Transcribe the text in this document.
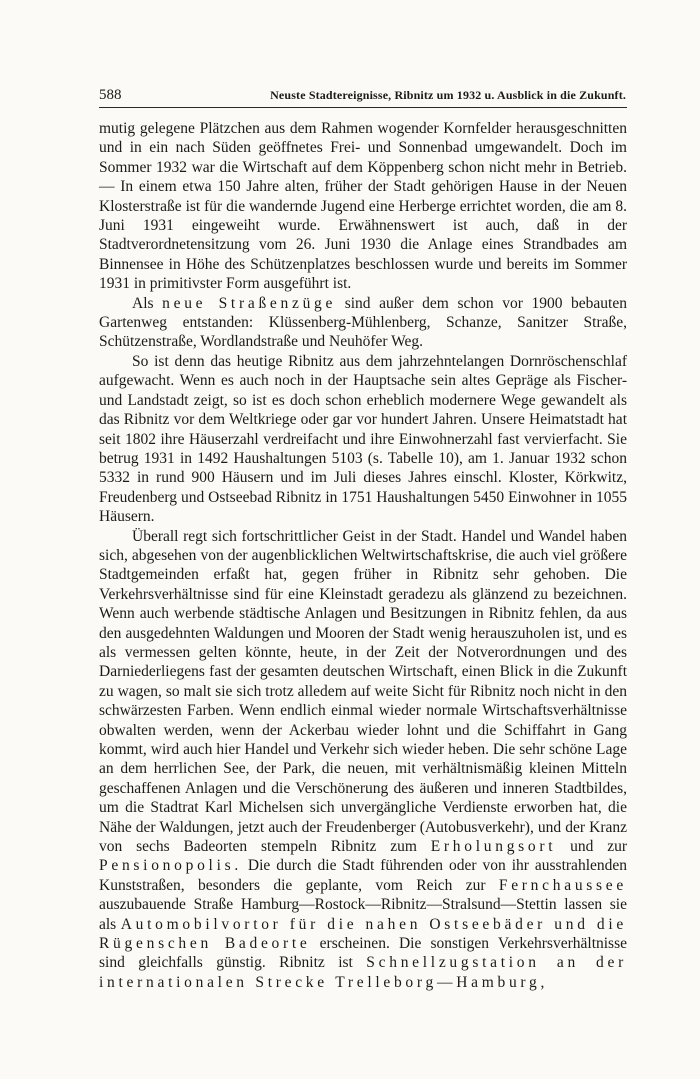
588	Neuste Stadtereignisse, Ribnitz um 1932 u. Ausblick in die Zukunft.

mutig gelegene Plätzchen aus dem Rahmen wogender Kornfelder herausgeschnitten und in ein nach Süden geöffnetes Frei- und Sonnenbad umgewandelt. Doch im Sommer 1932 war die Wirtschaft auf dem Köppenberg schon nicht mehr in Betrieb. — In einem etwa 150 Jahre alten, früher der Stadt gehörigen Hause in der Neuen Klosterstraße ist für die wandernde Jugend eine Herberge errichtet worden, die am 8. Juni 1931 eingeweiht wurde. Erwähnenswert ist auch, daß in der Stadtverordnetensitzung vom 26. Juni 1930 die Anlage eines Strandbades am Binnensee in Höhe des Schützenplatzes beschlossen wurde und bereits im Sommer 1931 in primitivster Form ausgeführt ist.

Als neue Straßenzüge sind außer dem schon vor 1900 bebauten Gartenweg entstanden: Klüssenberg-Mühlenberg, Schanze, Sanitzer Straße, Schützenstraße, Wordlandstraße und Neuhöfer Weg.

So ist denn das heutige Ribnitz aus dem jahrzehntelangen Dornröschenschlaf aufgewacht. Wenn es auch noch in der Hauptsache sein altes Gepräge als Fischer- und Landstadt zeigt, so ist es doch schon erheblich modernere Wege gewandelt als das Ribnitz vor dem Weltkriege oder gar vor hundert Jahren. Unsere Heimatstadt hat seit 1802 ihre Häuserzahl verdreifacht und ihre Einwohnerzahl fast vervierfacht. Sie betrug 1931 in 1492 Haushaltungen 5103 (s. Tabelle 10), am 1. Januar 1932 schon 5332 in rund 900 Häusern und im Juli dieses Jahres einschl. Kloster, Körkwitz, Freudenberg und Ostseebad Ribnitz in 1751 Haushaltungen 5450 Einwohner in 1055 Häusern.

Überall regt sich fortschrittlicher Geist in der Stadt. Handel und Wandel haben sich, abgesehen von der augenblicklichen Weltwirtschaftskrise, die auch viel größere Stadtgemeinden erfaßt hat, gegen früher in Ribnitz sehr gehoben. Die Verkehrsverhältnisse sind für eine Kleinstadt geradezu als glänzend zu bezeichnen. Wenn auch werbende städtische Anlagen und Besitzungen in Ribnitz fehlen, da aus den ausgedehnten Waldungen und Mooren der Stadt wenig herauszuholen ist, und es als vermessen gelten könnte, heute, in der Zeit der Notverordnungen und des Darniederliegens fast der gesamten deutschen Wirtschaft, einen Blick in die Zukunft zu wagen, so malt sie sich trotz alledem auf weite Sicht für Ribnitz noch nicht in den schwärzesten Farben. Wenn endlich einmal wieder normale Wirtschaftsverhältnisse obwalten werden, wenn der Ackerbau wieder lohnt und die Schiffahrt in Gang kommt, wird auch hier Handel und Verkehr sich wieder heben. Die sehr schöne Lage an dem herrlichen See, der Park, die neuen, mit verhältnismäßig kleinen Mitteln geschaffenen Anlagen und die Verschönerung des äußeren und inneren Stadtbildes, um die Stadtrat Karl Michelsen sich unvergängliche Verdienste erworben hat, die Nähe der Waldungen, jetzt auch der Freudenberger (Autobusverkehr), und der Kranz von sechs Badeorten stempeln Ribnitz zum Erholungsort und zur Pensionopolis. Die durch die Stadt führenden oder von ihr ausstrahlenden Kunststraßen, besonders die geplante, vom Reich zur Fernchaussee auszubauende Straße Hamburg—Rostock—Ribnitz—Stralsund—Stettin lassen sie als Automobilvortor für die nahen Ostseebäder und die Rügenschen Badeorte erscheinen. Die sonstigen Verkehrsverhältnisse sind gleichfalls günstig. Ribnitz ist Schnellzugstation an der internationalen Strecke Trelleborg—Hamburg,
